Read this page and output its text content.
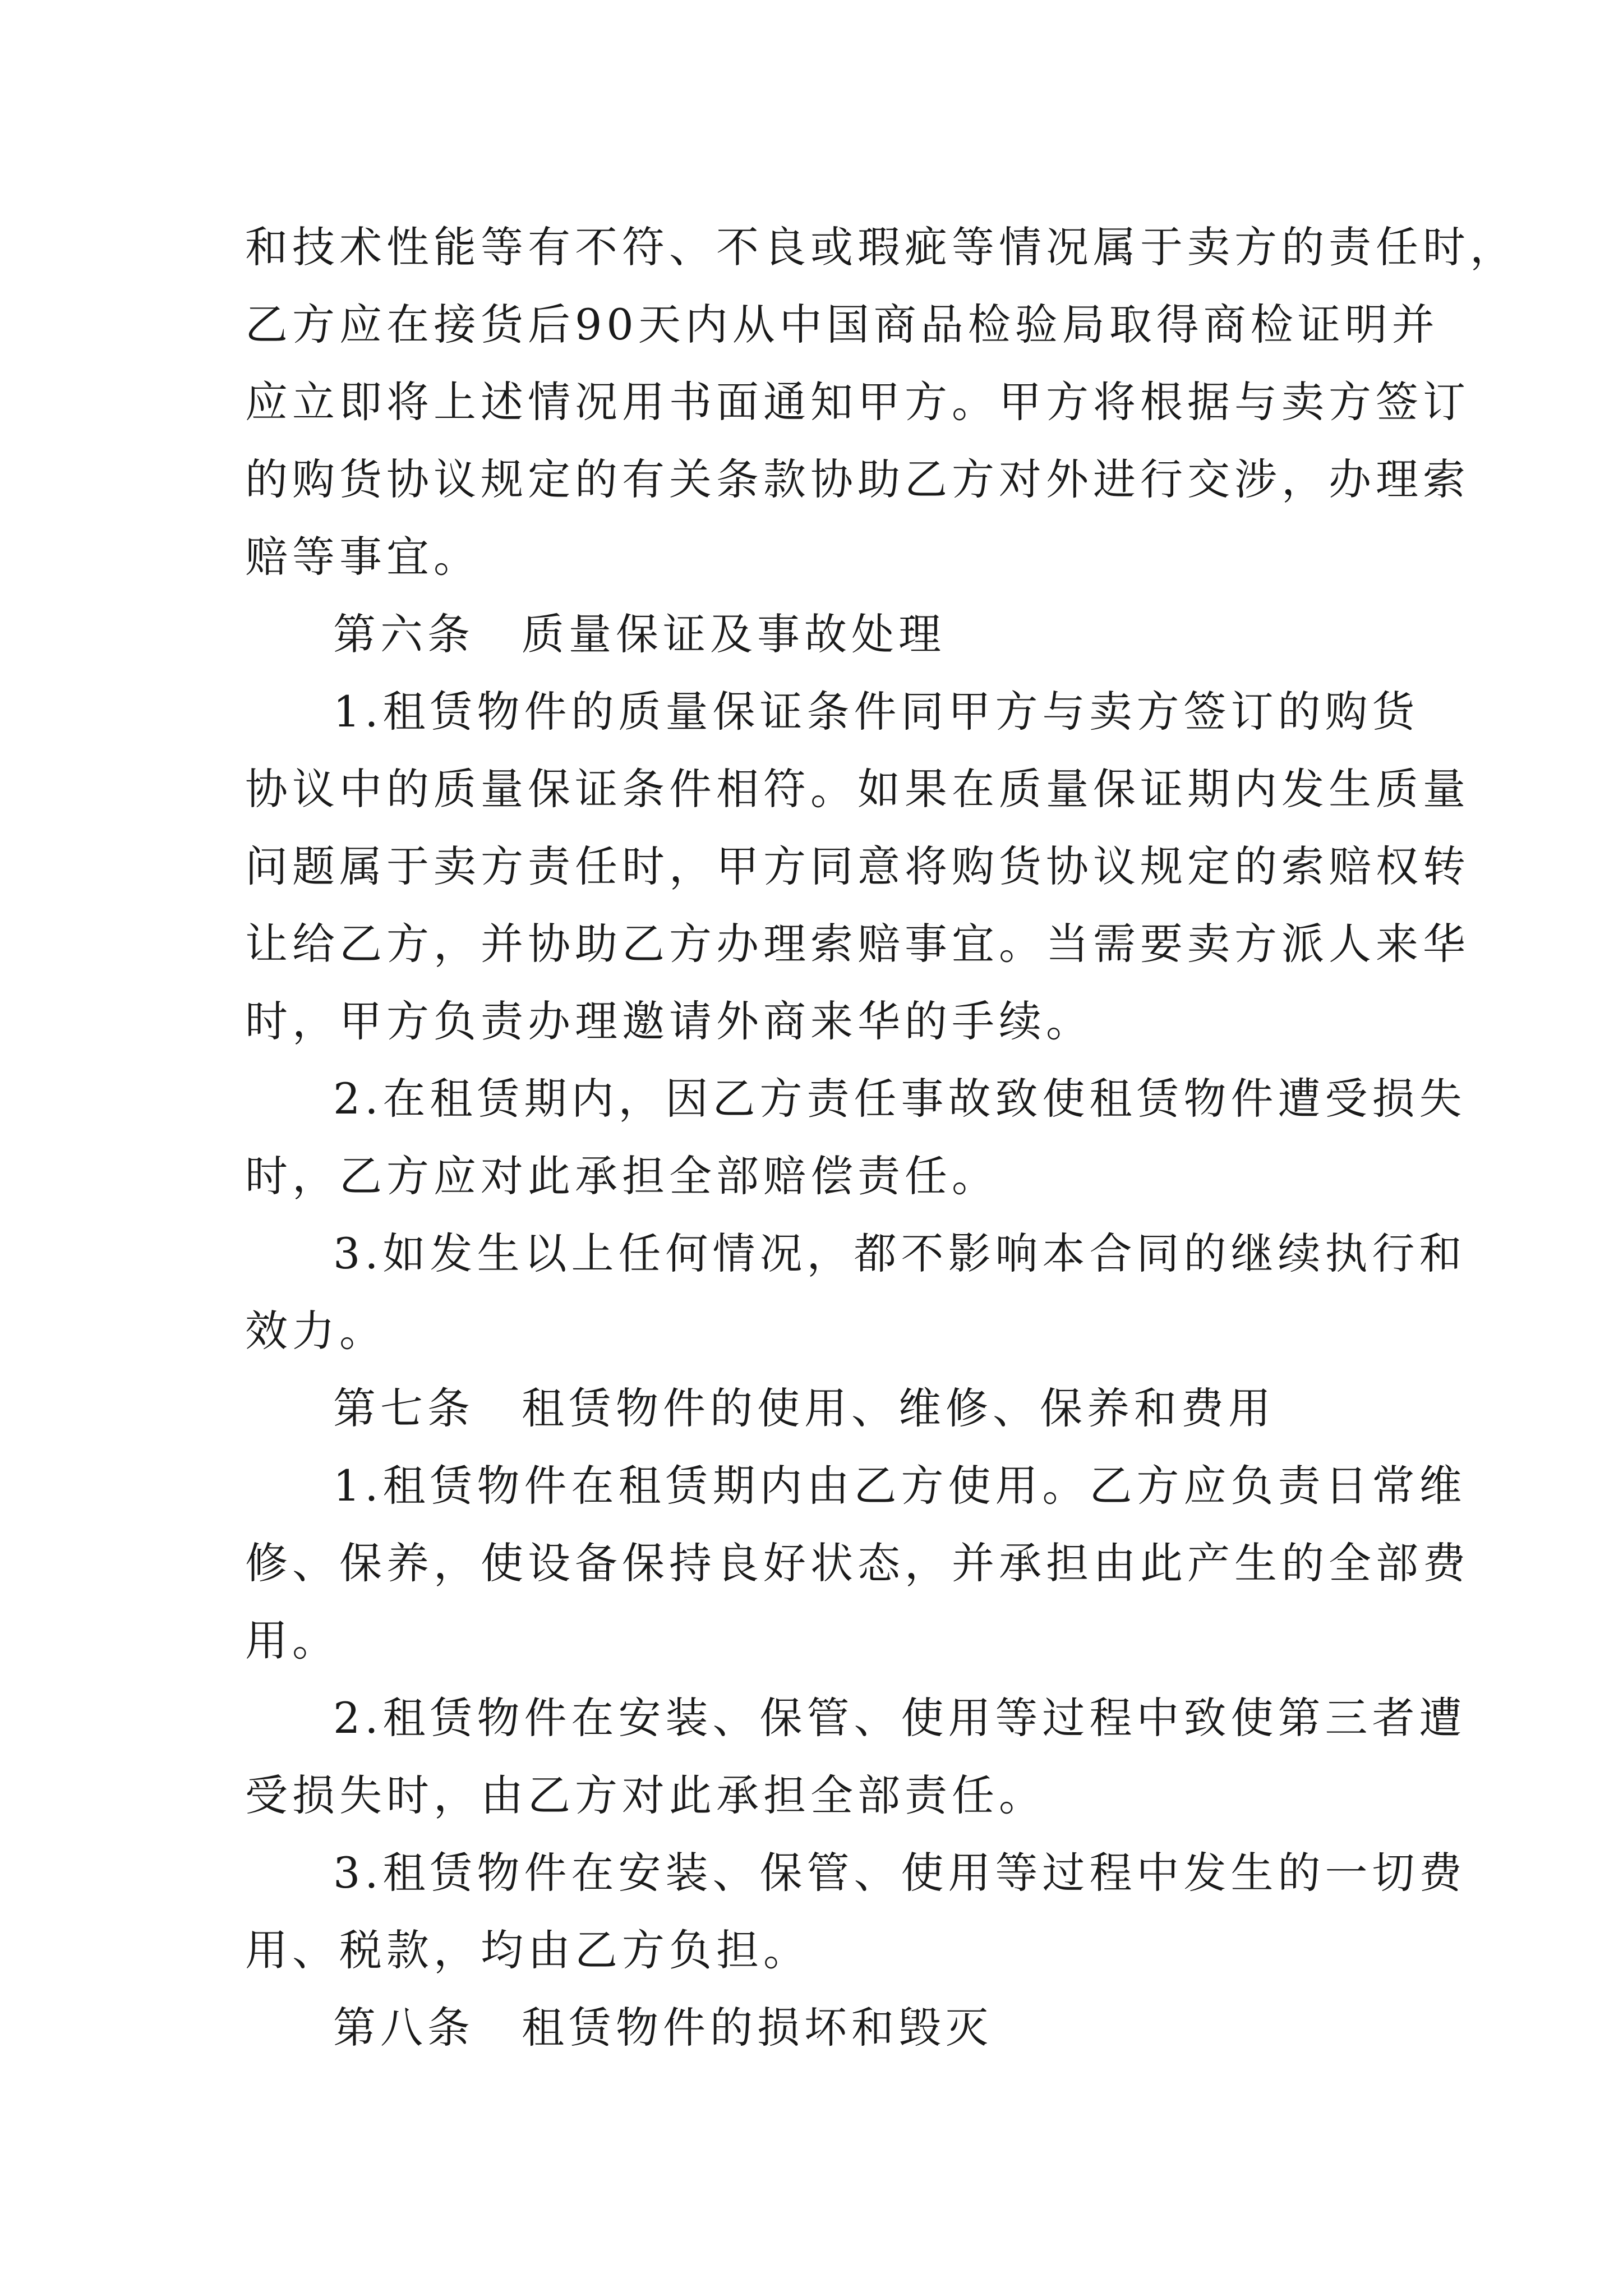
和技术性能等有不符、不良或瑕疵等情况属于卖方的责任时，

乙方应在接货后90天内从中国商品检验局取得商检证明并

应立即将上述情况用书面通知甲方。甲方将根据与卖方签订

的购货协议规定的有关条款协助乙方对外进行交涉，办理索

赔等事宜。

第六条　质量保证及事故处理

1.租赁物件的质量保证条件同甲方与卖方签订的购货

协议中的质量保证条件相符。如果在质量保证期内发生质量

问题属于卖方责任时，甲方同意将购货协议规定的索赔权转

让给乙方，并协助乙方办理索赔事宜。当需要卖方派人来华

时，甲方负责办理邀请外商来华的手续。

2.在租赁期内，因乙方责任事故致使租赁物件遭受损失

时，乙方应对此承担全部赔偿责任。

3.如发生以上任何情况，都不影响本合同的继续执行和

效力。

第七条　租赁物件的使用、维修、保养和费用

1.租赁物件在租赁期内由乙方使用。乙方应负责日常维

修、保养，使设备保持良好状态，并承担由此产生的全部费

用。

2.租赁物件在安装、保管、使用等过程中致使第三者遭

受损失时，由乙方对此承担全部责任。

3.租赁物件在安装、保管、使用等过程中发生的一切费

用、税款，均由乙方负担。

第八条　租赁物件的损坏和毁灭
